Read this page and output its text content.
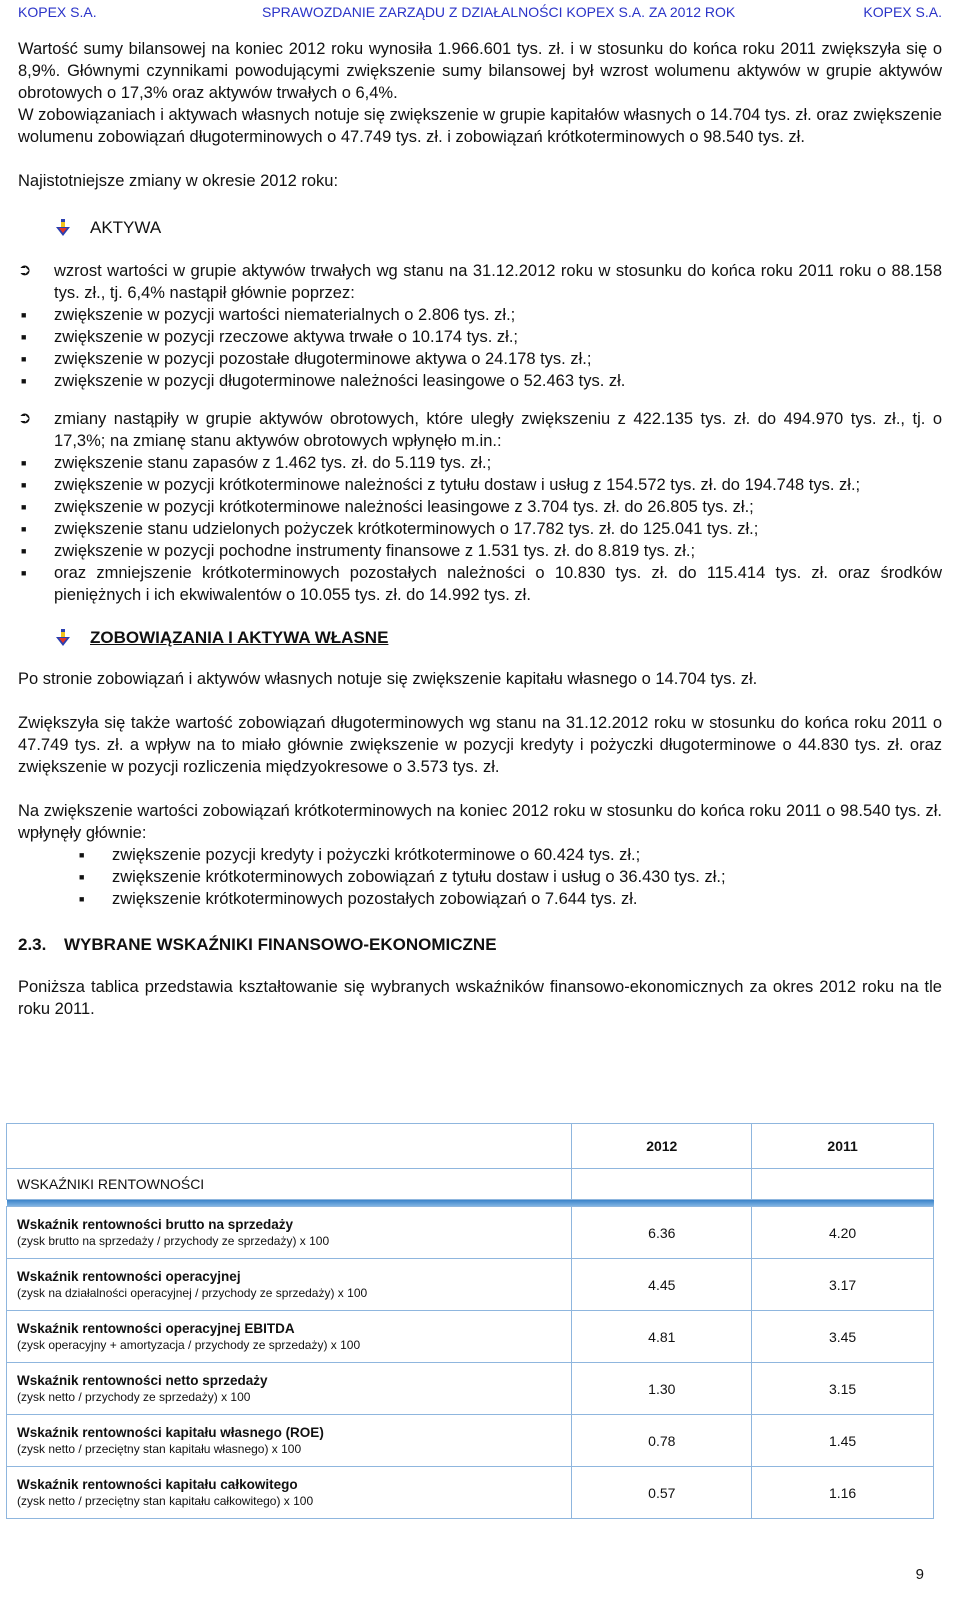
KOPEX S.A.	SPRAWOZDANIE ZARZĄDU Z DZIAŁALNOŚCI KOPEX S.A. ZA 2012 ROK	KOPEX S.A.

Wartość sumy bilansowej na koniec 2012 roku wynosiła 1.966.601 tys. zł. i w stosunku do końca roku 2011 zwiększyła się o 8,9%. Głównymi czynnikami powodującymi zwiększenie sumy bilansowej był wzrost wolumenu aktywów w grupie aktywów obrotowych o 17,3% oraz aktywów trwałych o 6,4%.

W zobowiązaniach i aktywach własnych notuje się zwiększenie w grupie kapitałów własnych o 14.704 tys. zł. oraz zwiększenie wolumenu zobowiązań długoterminowych o 47.749 tys. zł. i zobowiązań krótkoterminowych o 98.540 tys. zł.

Najistotniejsze zmiany w okresie 2012 roku:

AKTYWA
➲	wzrost wartości w grupie aktywów trwałych wg stanu na 31.12.2012 roku w stosunku do końca roku 2011 roku o 88.158 tys. zł., tj. 6,4% nastąpił głównie poprzez:
■	zwiększenie w pozycji wartości niematerialnych o 2.806 tys. zł.;
■	zwiększenie w pozycji rzeczowe aktywa trwałe o 10.174 tys. zł.;
■	zwiększenie w pozycji pozostałe długoterminowe aktywa o 24.178 tys. zł.;
■	zwiększenie w pozycji długoterminowe należności leasingowe o 52.463 tys. zł.
➲	zmiany nastąpiły w grupie aktywów obrotowych, które uległy zwiększeniu z 422.135 tys. zł. do 494.970 tys. zł., tj. o 17,3%; na zmianę stanu aktywów obrotowych wpłynęło m.in.:
■	zwiększenie stanu zapasów z 1.462 tys. zł. do 5.119 tys. zł.;
■	zwiększenie w pozycji krótkoterminowe należności z tytułu dostaw i usług z 154.572 tys. zł. do 194.748 tys. zł.;
■	zwiększenie w pozycji krótkoterminowe należności leasingowe z 3.704 tys. zł. do 26.805 tys. zł.;
■	zwiększenie stanu udzielonych pożyczek krótkoterminowych o 17.782 tys. zł. do 125.041 tys. zł.;
■	zwiększenie w pozycji pochodne instrumenty finansowe z 1.531 tys. zł. do 8.819 tys. zł.;
■	oraz zmniejszenie krótkoterminowych pozostałych należności o 10.830 tys. zł. do 115.414 tys. zł. oraz środków pieniężnych i ich ekwiwalentów o 10.055 tys. zł. do 14.992 tys. zł.
ZOBOWIĄZANIA I AKTYWA WŁASNE

Po stronie zobowiązań i aktywów własnych notuje się zwiększenie kapitału własnego o 14.704 tys. zł.

Zwiększyła się także wartość zobowiązań długoterminowych wg stanu na 31.12.2012 roku w stosunku do końca roku 2011 o 47.749 tys. zł. a wpływ na to miało głównie zwiększenie w pozycji kredyty i pożyczki długoterminowe o 44.830 tys. zł. oraz zwiększenie w pozycji rozliczenia międzyokresowe o 3.573 tys. zł.

Na zwiększenie wartości zobowiązań krótkoterminowych na koniec 2012 roku w stosunku do końca roku 2011 o 98.540 tys. zł. wpłynęły głównie:

■	zwiększenie pozycji kredyty i pożyczki krótkoterminowe o 60.424 tys. zł.;
■	zwiększenie krótkoterminowych zobowiązań z tytułu dostaw i usług o 36.430 tys. zł.;
■	zwiększenie krótkoterminowych pozostałych zobowiązań o 7.644 tys. zł.
2.3.	WYBRANE WSKAŹNIKI FINANSOWO-EKONOMICZNE

Poniższa tablica przedstawia kształtowanie się wybranych wskaźników finansowo-ekonomicznych za okres 2012 roku na tle roku 2011.

	2012	2011
WSKAŹNIKI RENTOWNOŚCI		

Wskaźnik rentowności brutto na sprzedaży
(zysk brutto na sprzedaży / przychody ze sprzedaży) x 100	6.36	4.20
Wskaźnik rentowności operacyjnej
(zysk na działalności operacyjnej / przychody ze sprzedaży) x 100	4.45	3.17
Wskaźnik rentowności operacyjnej EBITDA
(zysk operacyjny + amortyzacja / przychody ze sprzedaży) x 100	4.81	3.45
Wskaźnik rentowności netto sprzedaży
(zysk netto / przychody ze sprzedaży) x 100	1.30	3.15
Wskaźnik rentowności kapitału własnego (ROE)
(zysk netto / przeciętny stan kapitału własnego) x 100	0.78	1.45
Wskaźnik rentowności kapitału całkowitego
(zysk netto / przeciętny stan kapitału całkowitego) x 100	0.57	1.16
9
